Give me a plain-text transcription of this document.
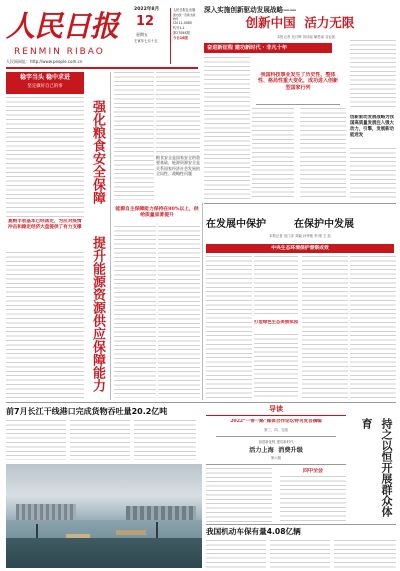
人民日报
RENMIN RIBAO
人民网网址：http://www.people.com.cn
2022年8月
12
星期五
壬寅年七月十五
人民日报社出版
国内统一连续出版物号
CN 11-0065
代号1-1
第27094期
今日16版
深入实施创新驱动发展战略——
创新中国  活力无限
本报记者 吴月辉 刘诗瑶 喻思南 谷业凯
奋进新征程 建功新时代 · 非凡十年
我国科技事业发生了历史性、整体性、格局性重大变化，成功进入创新型国家行列
创新驱动发展战略为我国高质量发展注入强大动力，引擎，发展新动能迸发
稳字当头 稳中求进
坚定做好自己的事
夏粮丰收基本已经落定，为应对疫情冲击和稳定经济大盘提供了有力支撑
强化粮食安全保障
提升能源资源供应保障能力
粮食安全是国家安全的重要基础，能源资源安全是关系国家经济社会发展的全局性、战略性问题
能源自主保障能力保持在80%以上，供给质量显著提升
在发展中保护	在保护中发展
本报记者 寇江泽 刘毅 孙秀艳 李 刚 王 浩
中央生态环境保护督察成效
打造绿色生态美丽家园
前7月长江干线港口完成货物吞吐量20.2亿吨	导读
2022“一带一路”媒体合作论坛特刊发言摘编
第三、四、五版
奋进新征程 建功新时代
活力上海  消费升级
第六版
四中全会	持之以恒开展群众体育
我国机动车保有量4.08亿辆
